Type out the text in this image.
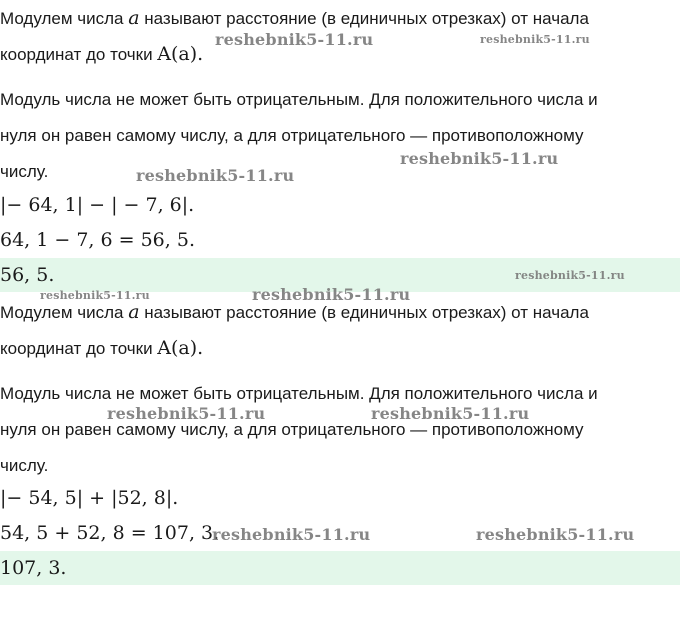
Модулем числа a называют расстояние (в единичных отрезках) от начала
координат до точки A(a).
Модуль числа не может быть отрицательным. Для положительного числа и
нуля он равен самому числу, а для отрицательного — противоположному
числу.
|− 64, 1| − | − 7, 6|.
64, 1 − 7, 6 = 56, 5.
56, 5.
Модулем числа a называют расстояние (в единичных отрезках) от начала
координат до точки A(a).
Модуль числа не может быть отрицательным. Для положительного числа и
нуля он равен самому числу, а для отрицательного — противоположному
числу.
|− 54, 5| + |52, 8|.
54, 5 + 52, 8 = 107, 3.
107, 3.
reshebnik5-11.ru	reshebnik5-11.ru
reshebnik5-11.ru
reshebnik5-11.ru
reshebnik5-11.ru
reshebnik5-11.ru	reshebnik5-11.ru
reshebnik5-11.ru	reshebnik5-11.ru
reshebnik5-11.ru	reshebnik5-11.ru
